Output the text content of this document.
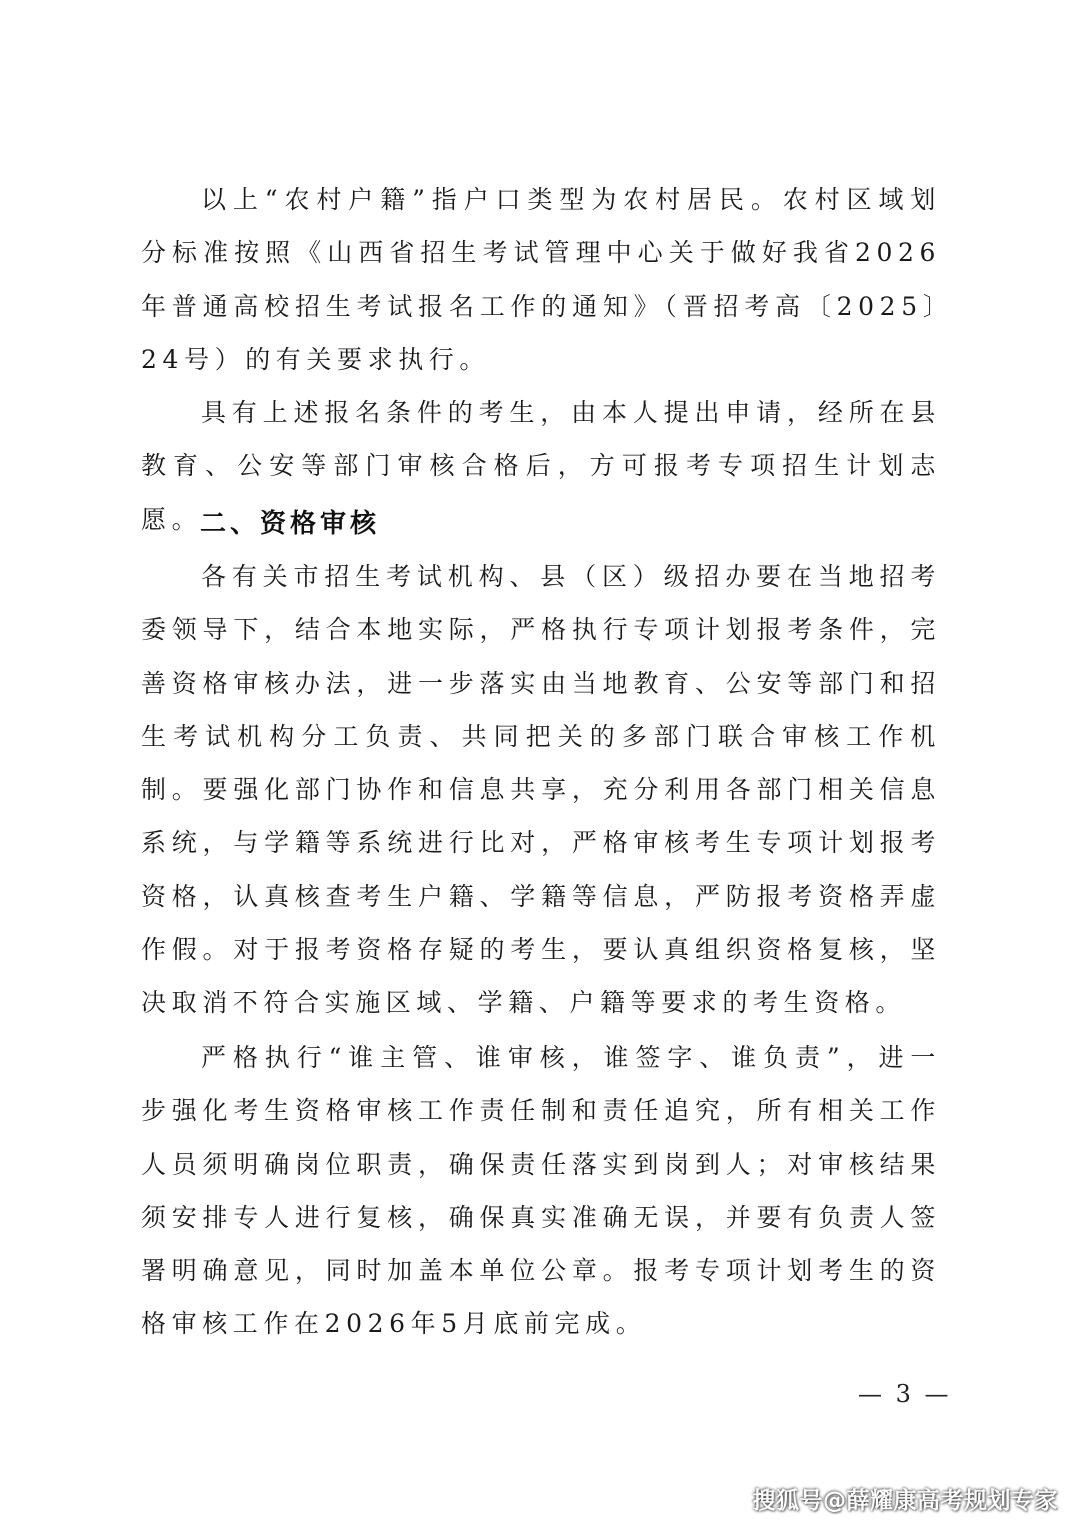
以上“农村户籍”指户口类型为农村居民。农村区域划分标准按照《山西省招生考试管理中心关于做好我省2026年普通高校招生考试报名工作的通知》（晋招考高〔2025〕24号）的有关要求执行。

具有上述报名条件的考生，由本人提出申请，经所在县教育、公安等部门审核合格后，方可报考专项招生计划志愿。

二、资格审核

各有关市招生考试机构、县（区）级招办要在当地招考委领导下，结合本地实际，严格执行专项计划报考条件，完善资格审核办法，进一步落实由当地教育、公安等部门和招生考试机构分工负责、共同把关的多部门联合审核工作机制。要强化部门协作和信息共享，充分利用各部门相关信息系统，与学籍等系统进行比对，严格审核考生专项计划报考资格，认真核查考生户籍、学籍等信息，严防报考资格弄虚作假。对于报考资格存疑的考生，要认真组织资格复核，坚决取消不符合实施区域、学籍、户籍等要求的考生资格。

严格执行“谁主管、谁审核，谁签字、谁负责”，进一步强化考生资格审核工作责任制和责任追究，所有相关工作人员须明确岗位职责，确保责任落实到岗到人；对审核结果须安排专人进行复核，确保真实准确无误，并要有负责人签署明确意见，同时加盖本单位公章。报考专项计划考生的资格审核工作在2026年5月底前完成。

— 3 —
搜狐号@薛耀康高考规划专家
